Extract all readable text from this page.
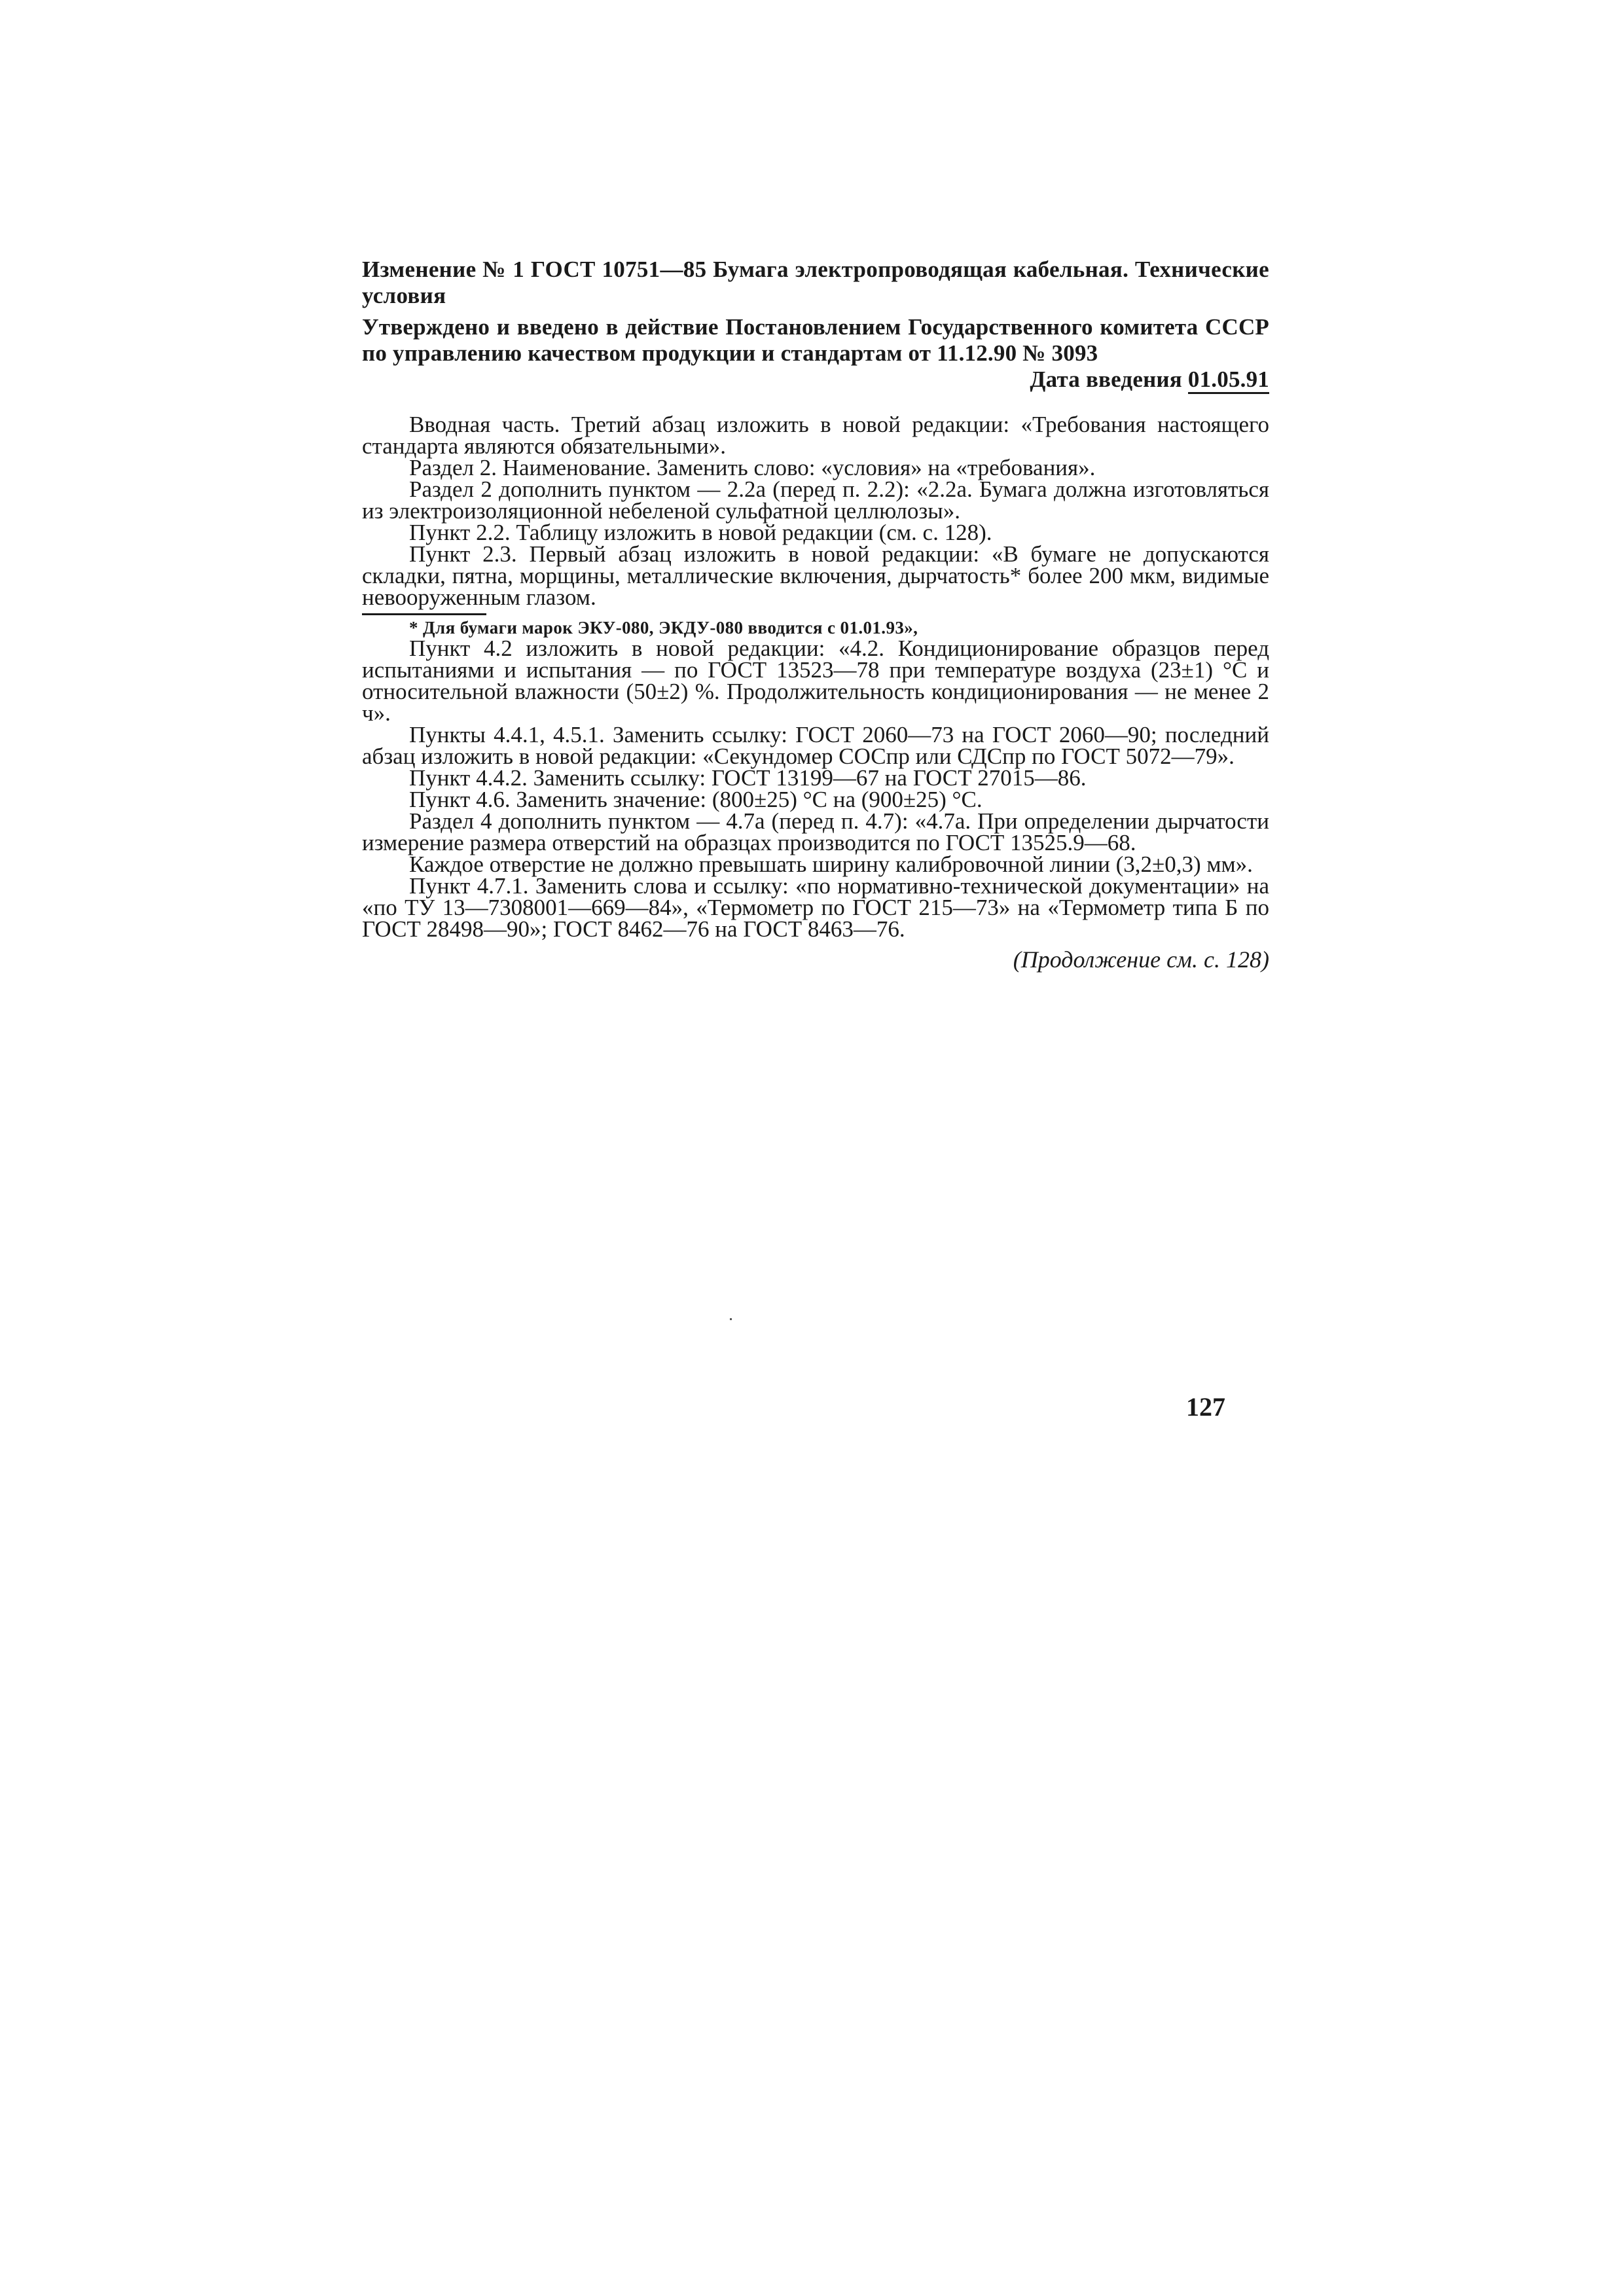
Изменение № 1 ГОСТ 10751—85 Бумага электропроводящая кабельная. Технические условия
Утверждено и введено в действие Постановлением Государственного комитета СССР по управлению качеством продукции и стандартам от 11.12.90 № 3093
Дата введения 01.05.91

Вводная часть. Третий абзац изложить в новой редакции: «Требования настоящего стандарта являются обязательными».

Раздел 2. Наименование. Заменить слово: «условия» на «требования».

Раздел 2 дополнить пунктом — 2.2а (перед п. 2.2): «2.2а. Бумага должна изготовляться из электроизоляционной небеленой сульфатной целлюлозы».

Пункт 2.2. Таблицу изложить в новой редакции (см. с. 128).

Пункт 2.3. Первый абзац изложить в новой редакции: «В бумаге не допускаются складки, пятна, морщины, металлические включения, дырчатость* более 200 мкм, видимые невооруженным глазом.

* Для бумаги марок ЭКУ-080, ЭКДУ-080 вводится с 01.01.93»,

Пункт 4.2 изложить в новой редакции: «4.2. Кондиционирование образцов перед испытаниями и испытания — по ГОСТ 13523—78 при температуре воздуха (23±1) °С и относительной влажности (50±2) %. Продолжительность кондиционирования — не менее 2 ч».

Пункты 4.4.1, 4.5.1. Заменить ссылку: ГОСТ 2060—73 на ГОСТ 2060—90; последний абзац изложить в новой редакции: «Секундомер СОСпр или СДСпр по ГОСТ 5072—79».

Пункт 4.4.2. Заменить ссылку: ГОСТ 13199—67 на ГОСТ 27015—86.

Пункт 4.6. Заменить значение: (800±25) °С на (900±25) °С.

Раздел 4 дополнить пунктом — 4.7а (перед п. 4.7): «4.7а. При определении дырчатости измерение размера отверстий на образцах производится по ГОСТ 13525.9—68.

Каждое отверстие не должно превышать ширину калибровочной линии (3,2±0,3) мм».

Пункт 4.7.1. Заменить слова и ссылку: «по нормативно-технической документации» на «по ТУ 13—7308001—669—84», «Термометр по ГОСТ 215—73» на «Термометр типа Б по ГОСТ 28498—90»; ГОСТ 8462—76 на ГОСТ 8463—76.

(Продолжение см. с. 128)
127
